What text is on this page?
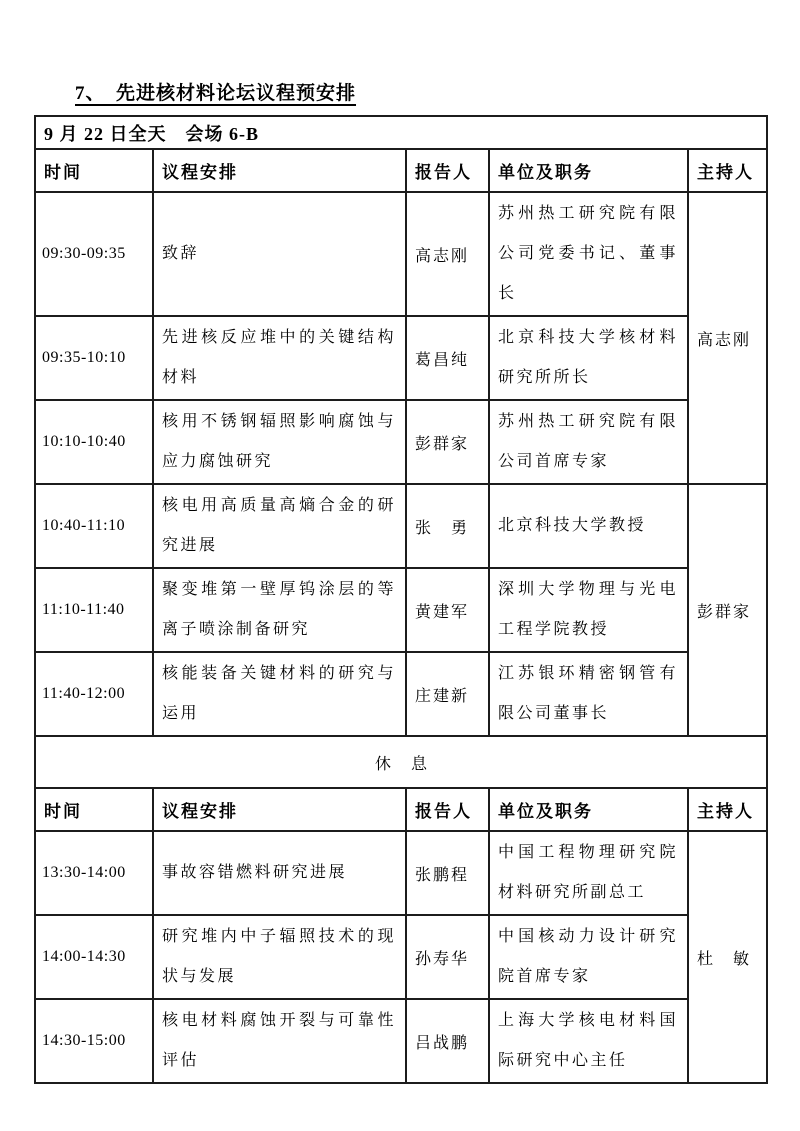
7、　先进核材料论坛议程预安排
9 月 22 日全天　会场 6-B				
时间	议程安排	报告人	单位及职务	主持人
09:30-09:35	致辞	高志刚	苏州热工研究院有限公司党委书记、董事长	高志刚
09:35-10:10	先进核反应堆中的关键结构材料	葛昌纯	北京科技大学核材料研究所所长	
10:10-10:40	核用不锈钢辐照影响腐蚀与应力腐蚀研究	彭群家	苏州热工研究院有限公司首席专家	
10:40-11:10	核电用高质量高熵合金的研究进展	张　勇	北京科技大学教授	彭群家
11:10-11:40	聚变堆第一壁厚钨涂层的等离子喷涂制备研究	黄建军	深圳大学物理与光电工程学院教授	
11:40-12:00	核能装备关键材料的研究与运用	庄建新	江苏银环精密钢管有限公司董事长	
休　息				
时间	议程安排	报告人	单位及职务	主持人
13:30-14:00	事故容错燃料研究进展	张鹏程	中国工程物理研究院材料研究所副总工	杜　敏
14:00-14:30	研究堆内中子辐照技术的现状与发展	孙寿华	中国核动力设计研究院首席专家	
14:30-15:00	核电材料腐蚀开裂与可靠性评估	吕战鹏	上海大学核电材料国际研究中心主任	
